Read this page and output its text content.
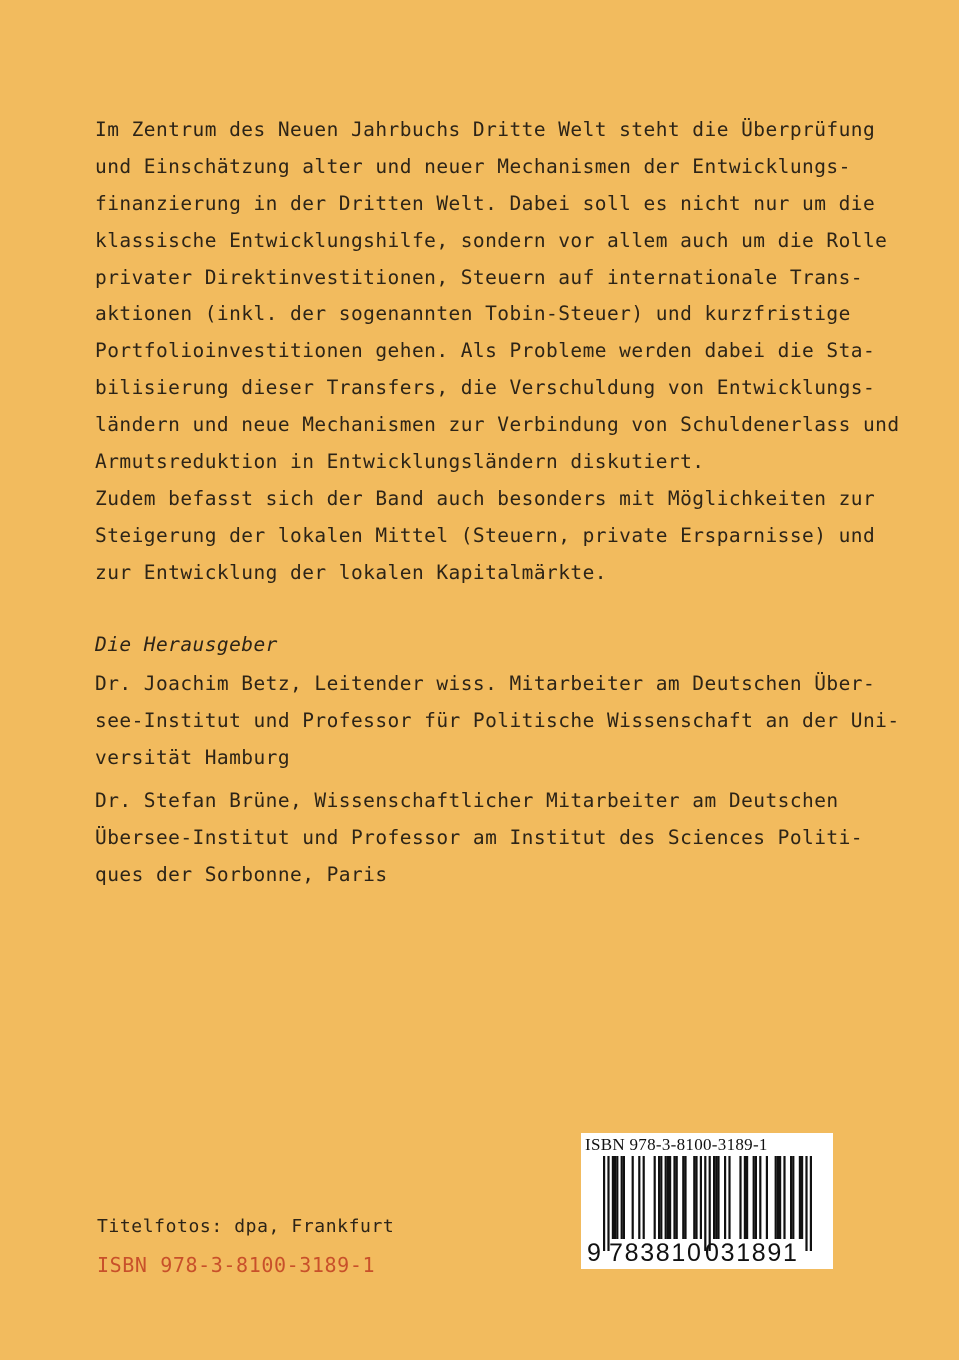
Im Zentrum des Neuen Jahrbuchs Dritte Welt steht die Überprüfung
und Einschätzung alter und neuer Mechanismen der Entwicklungs-
finanzierung in der Dritten Welt. Dabei soll es nicht nur um die
klassische Entwicklungshilfe, sondern vor allem auch um die Rolle
privater Direktinvestitionen, Steuern auf internationale Trans-
aktionen (inkl. der sogenannten Tobin-Steuer) und kurzfristige
Portfolioinvestitionen gehen. Als Probleme werden dabei die Sta-
bilisierung dieser Transfers, die Verschuldung von Entwicklungs-
ländern und neue Mechanismen zur Verbindung von Schuldenerlass und
Armutsreduktion in Entwicklungsländern diskutiert.
Zudem befasst sich der Band auch besonders mit Möglichkeiten zur
Steigerung der lokalen Mittel (Steuern, private Ersparnisse) und
zur Entwicklung der lokalen Kapitalmärkte.
Die Herausgeber
Dr. Joachim Betz, Leitender wiss. Mitarbeiter am Deutschen Über-
see-Institut und Professor für Politische Wissenschaft an der Uni-
versität Hamburg
Dr. Stefan Brüne, Wissenschaftlicher Mitarbeiter am Deutschen
Übersee-Institut und Professor am Institut des Sciences Politi-
ques der Sorbonne, Paris
Titelfotos: dpa, Frankfurt
ISBN 978-3-8100-3189-1
ISBN 978-3-8100-3189-1
9 783810 031891
